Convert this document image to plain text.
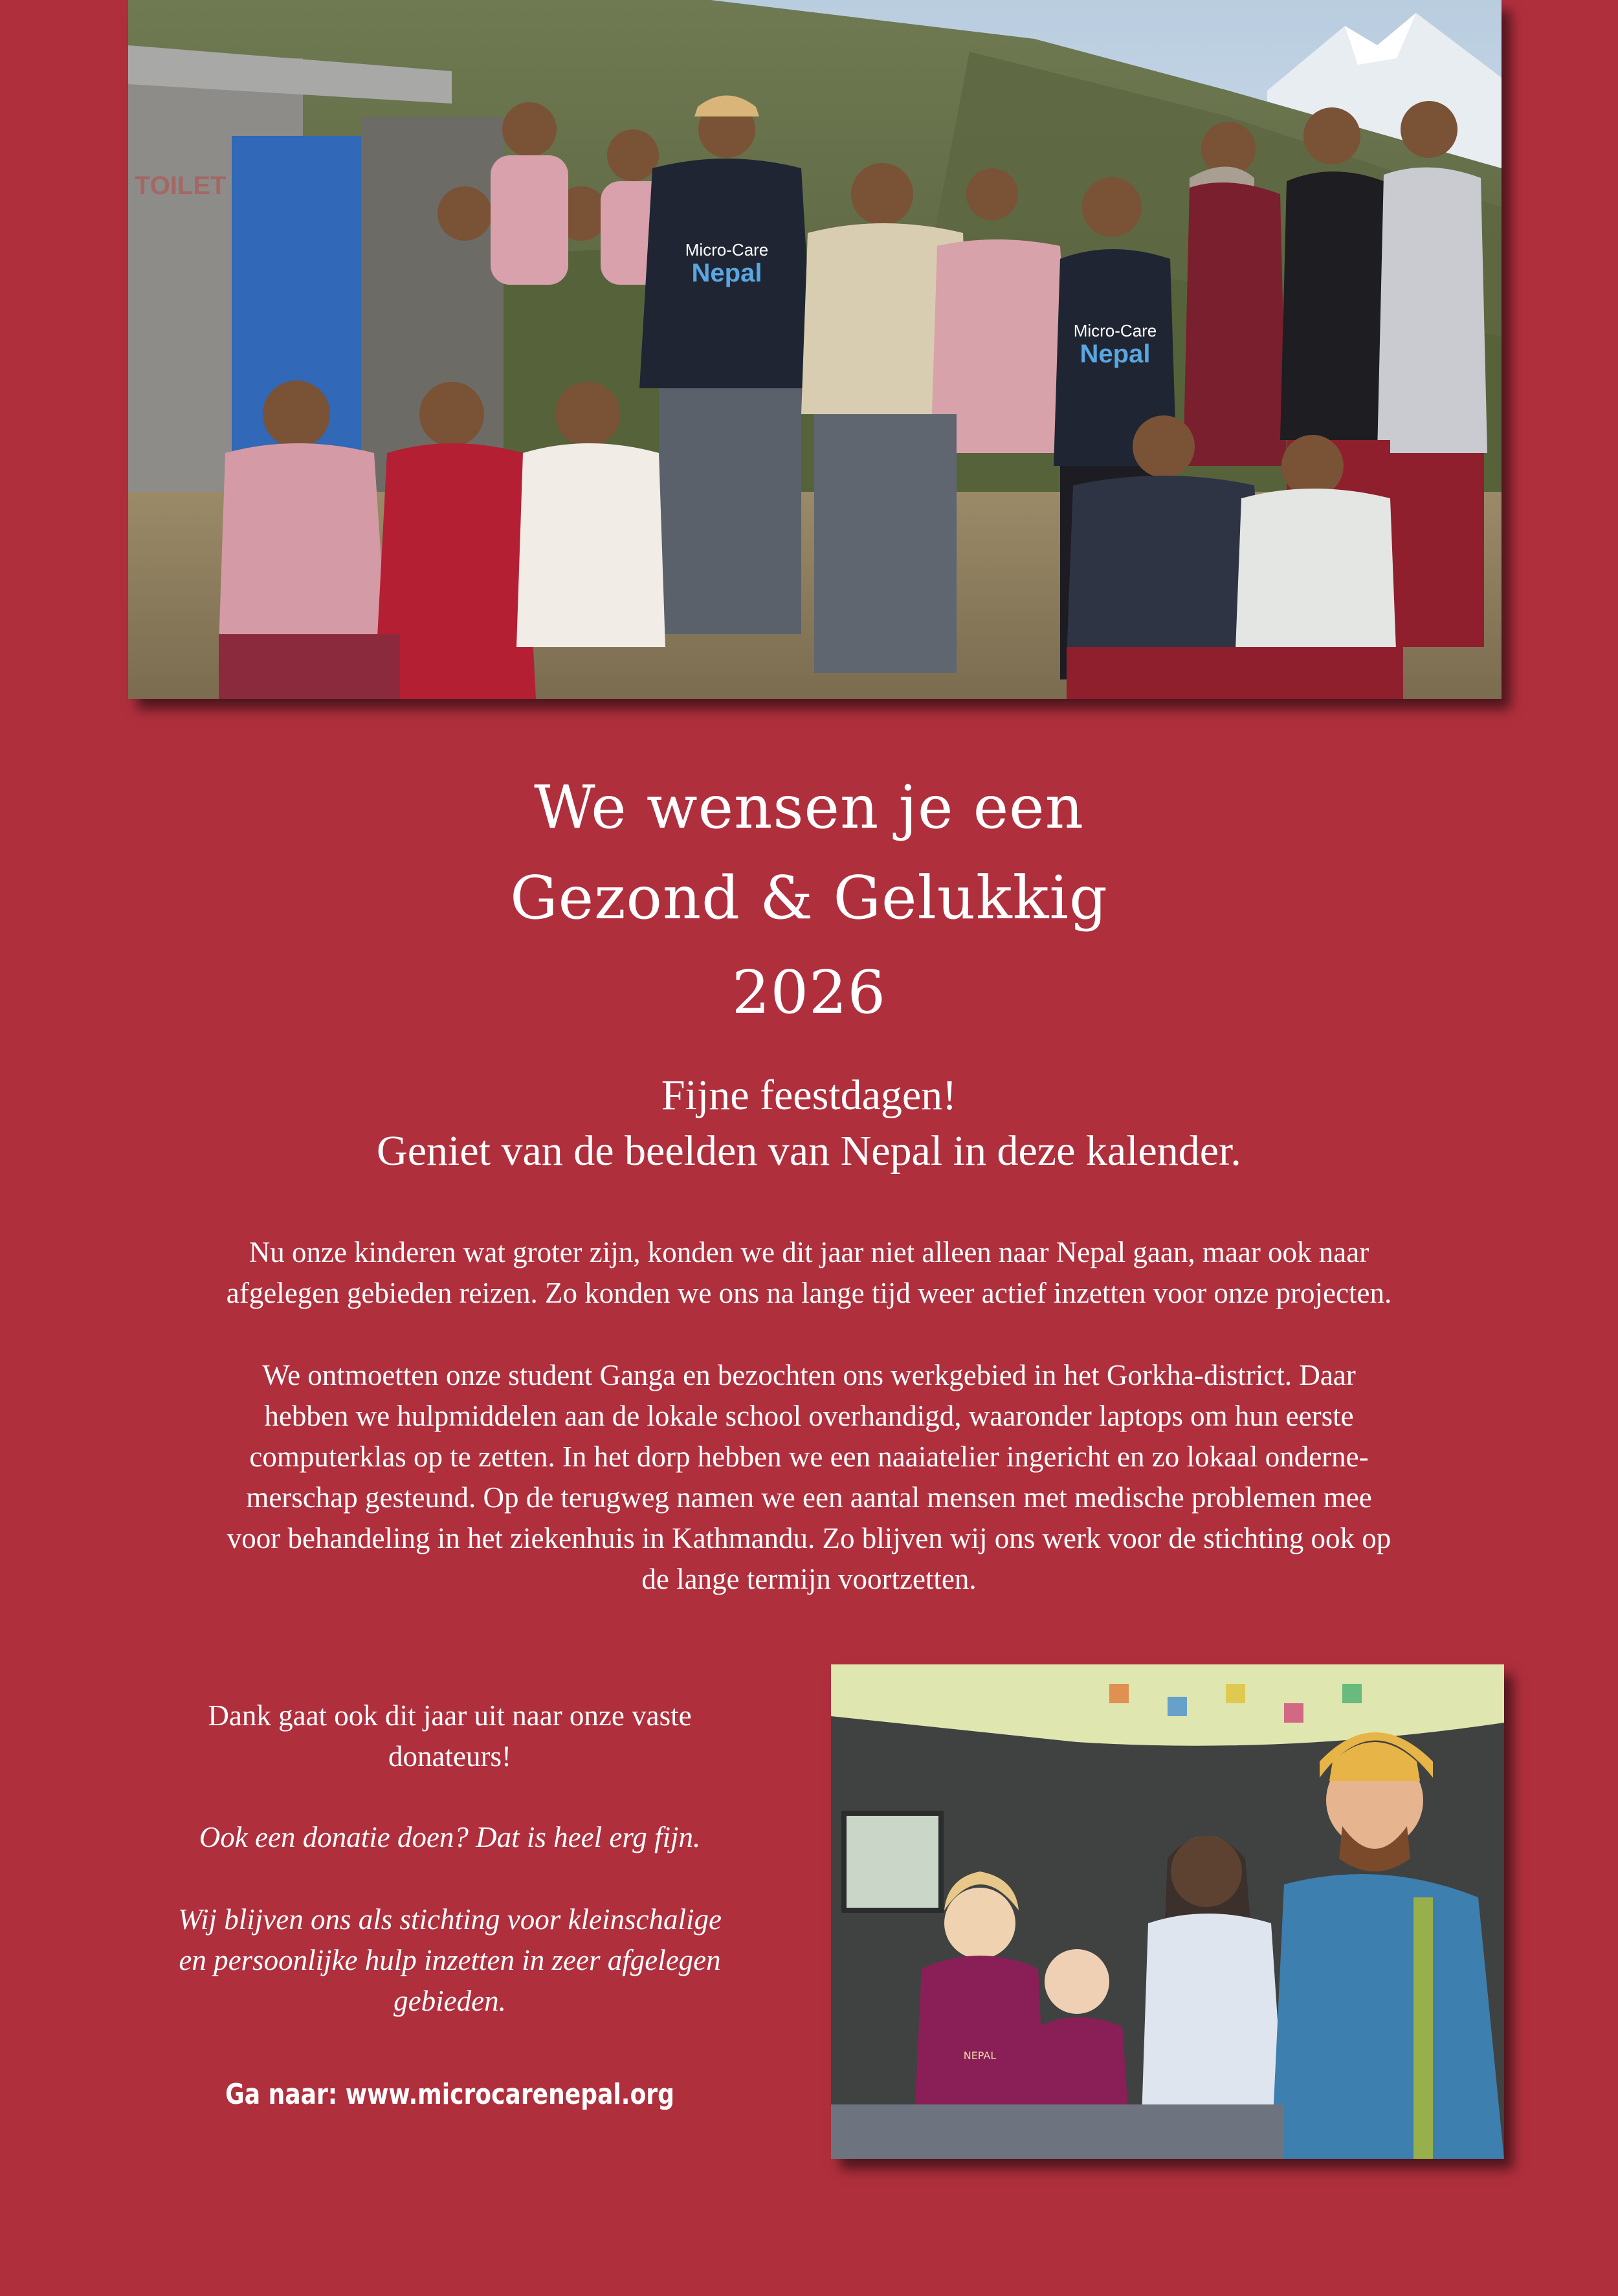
TOILET
Micro-Care
Nepal
Micro-Care
Nepal
We wensen je een
Gezond & Gelukkig
2026
Fijne feestdagen!
Geniet van de beelden van Nepal in deze kalender.
Nu onze kinderen wat groter zijn, konden we dit jaar niet alleen naar Nepal gaan, maar ook naar
afgelegen gebieden reizen. Zo konden we ons na lange tijd weer actief inzetten voor onze projecten.
We ontmoetten onze student Ganga en bezochten ons werkgebied in het Gorkha-district. Daar
hebben we hulpmiddelen aan de lokale school overhandigd, waaronder laptops om hun eerste
computerklas op te zetten. In het dorp hebben we een naaiatelier ingericht en zo lokaal onderne-
merschap gesteund. Op de terugweg namen we een aantal mensen met medische problemen mee
voor behandeling in het ziekenhuis in Kathmandu. Zo blijven wij ons werk voor de stichting ook op
de lange termijn voortzetten.
Dank gaat ook dit jaar uit naar onze vaste
donateurs!
Ook een donatie doen? Dat is heel erg fijn.
Wij blijven ons als stichting voor kleinschalige
en persoonlijke hulp inzetten in zeer afgelegen
gebieden.
Ga naar: www.microcarenepal.org
NEPAL
